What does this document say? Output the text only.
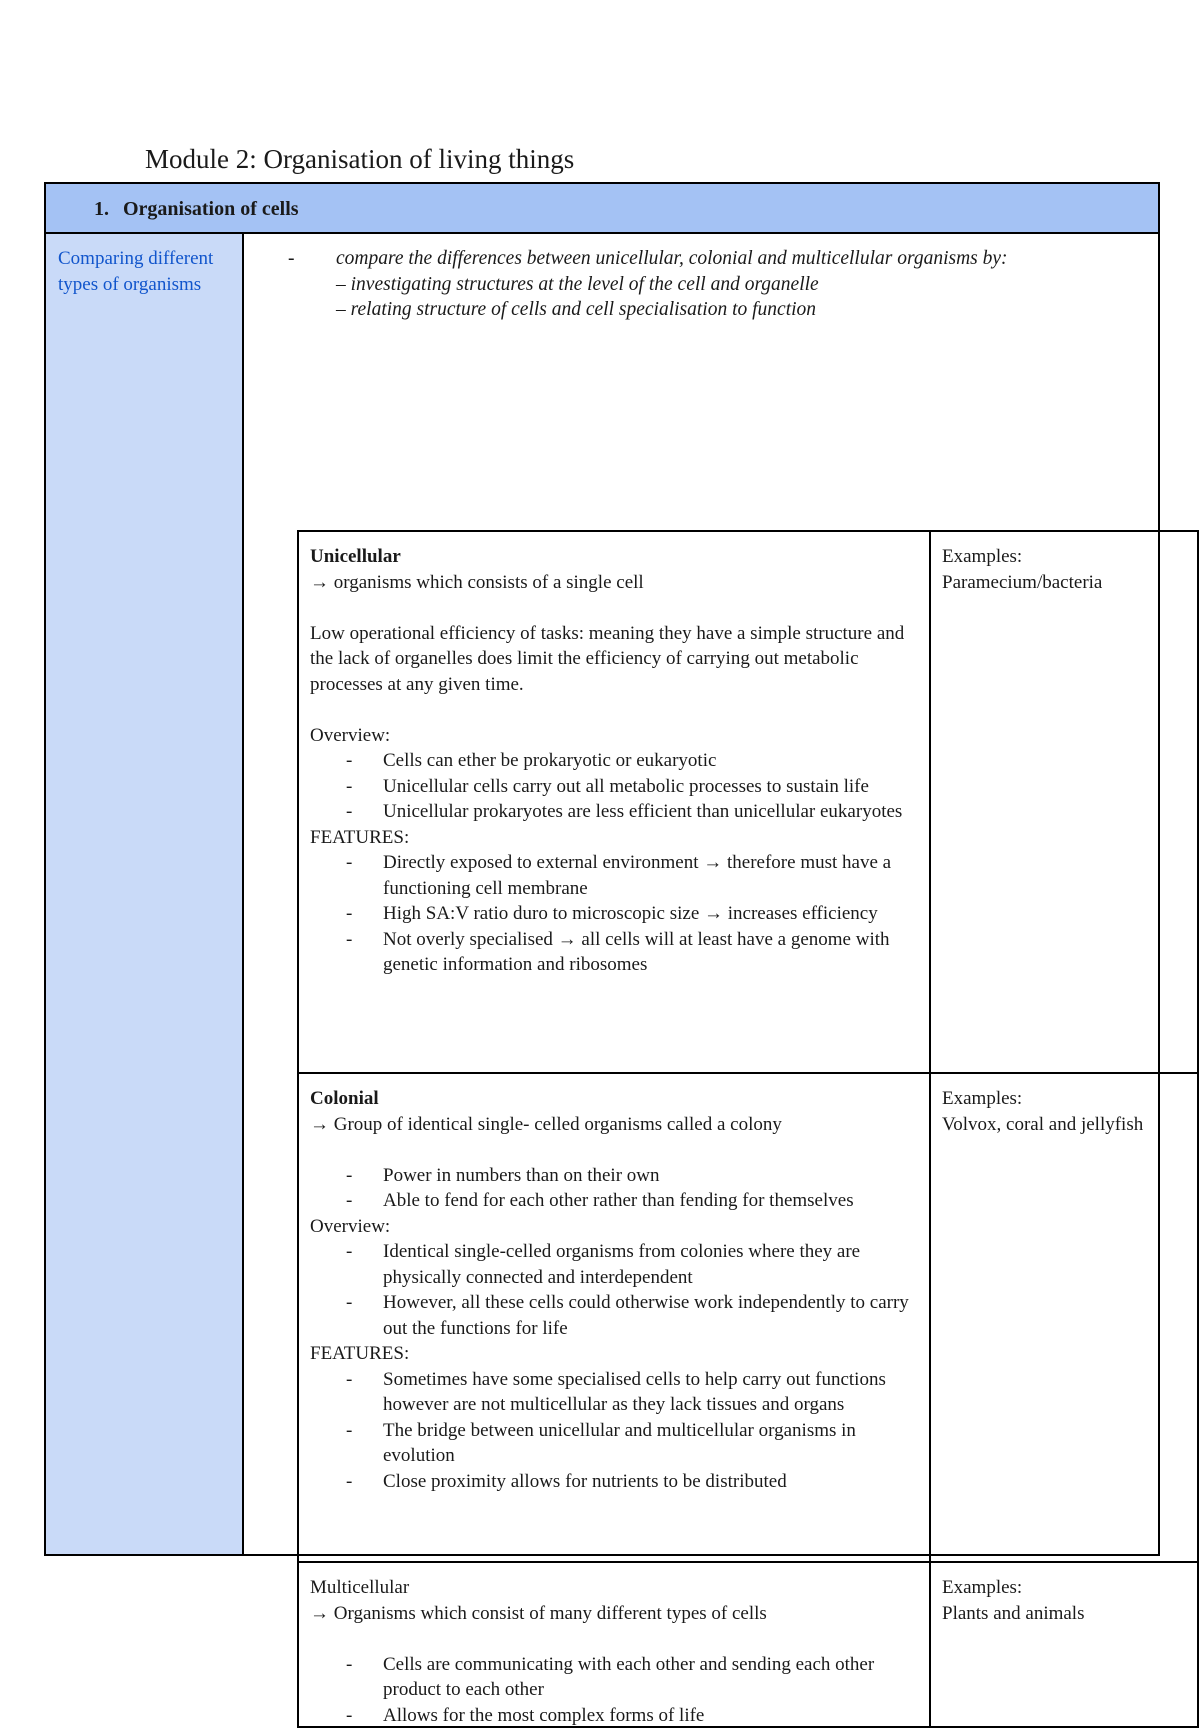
Module 2: Organisation of living things
1. Organisation of cells
Comparing different types of organisms
- compare the differences between unicellular, colonial and multicellular organisms by:
– investigating structures at the level of the cell and organelle
– relating structure of cells and cell specialisation to function

Unicellular

→ organisms which consists of a single cell

Low operational efficiency of tasks: meaning they have a simple structure and the lack of organelles does limit the efficiency of carrying out metabolic processes at any given time.

Overview:

- Cells can ether be prokaryotic or eukaryotic
- Unicellular cells carry out all metabolic processes to sustain life
- Unicellular prokaryotes are less efficient than unicellular eukaryotes

FEATURES:

- Directly exposed to external environment → therefore must have a functioning cell membrane
- High SA:V ratio duro to microscopic size → increases efficiency
- Not overly specialised → all cells will at least have a genome with genetic information and ribosomes
Examples:
Paramecium/bacteria

Colonial

→ Group of identical single- celled organisms called a colony

- Power in numbers than on their own
- Able to fend for each other rather than fending for themselves

Overview:

- Identical single-celled organisms from colonies where they are physically connected and interdependent
- However, all these cells could otherwise work independently to carry out the functions for life

FEATURES:

- Sometimes have some specialised cells to help carry out functions however are not multicellular as they lack tissues and organs
- The bridge between unicellular and multicellular organisms in evolution
- Close proximity allows for nutrients to be distributed
Examples:
Volvox, coral and jellyfish

Multicellular

→ Organisms which consist of many different types of cells

- Cells are communicating with each other and sending each other product to each other
- Allows for the most complex forms of life
Examples:
Plants and animals
